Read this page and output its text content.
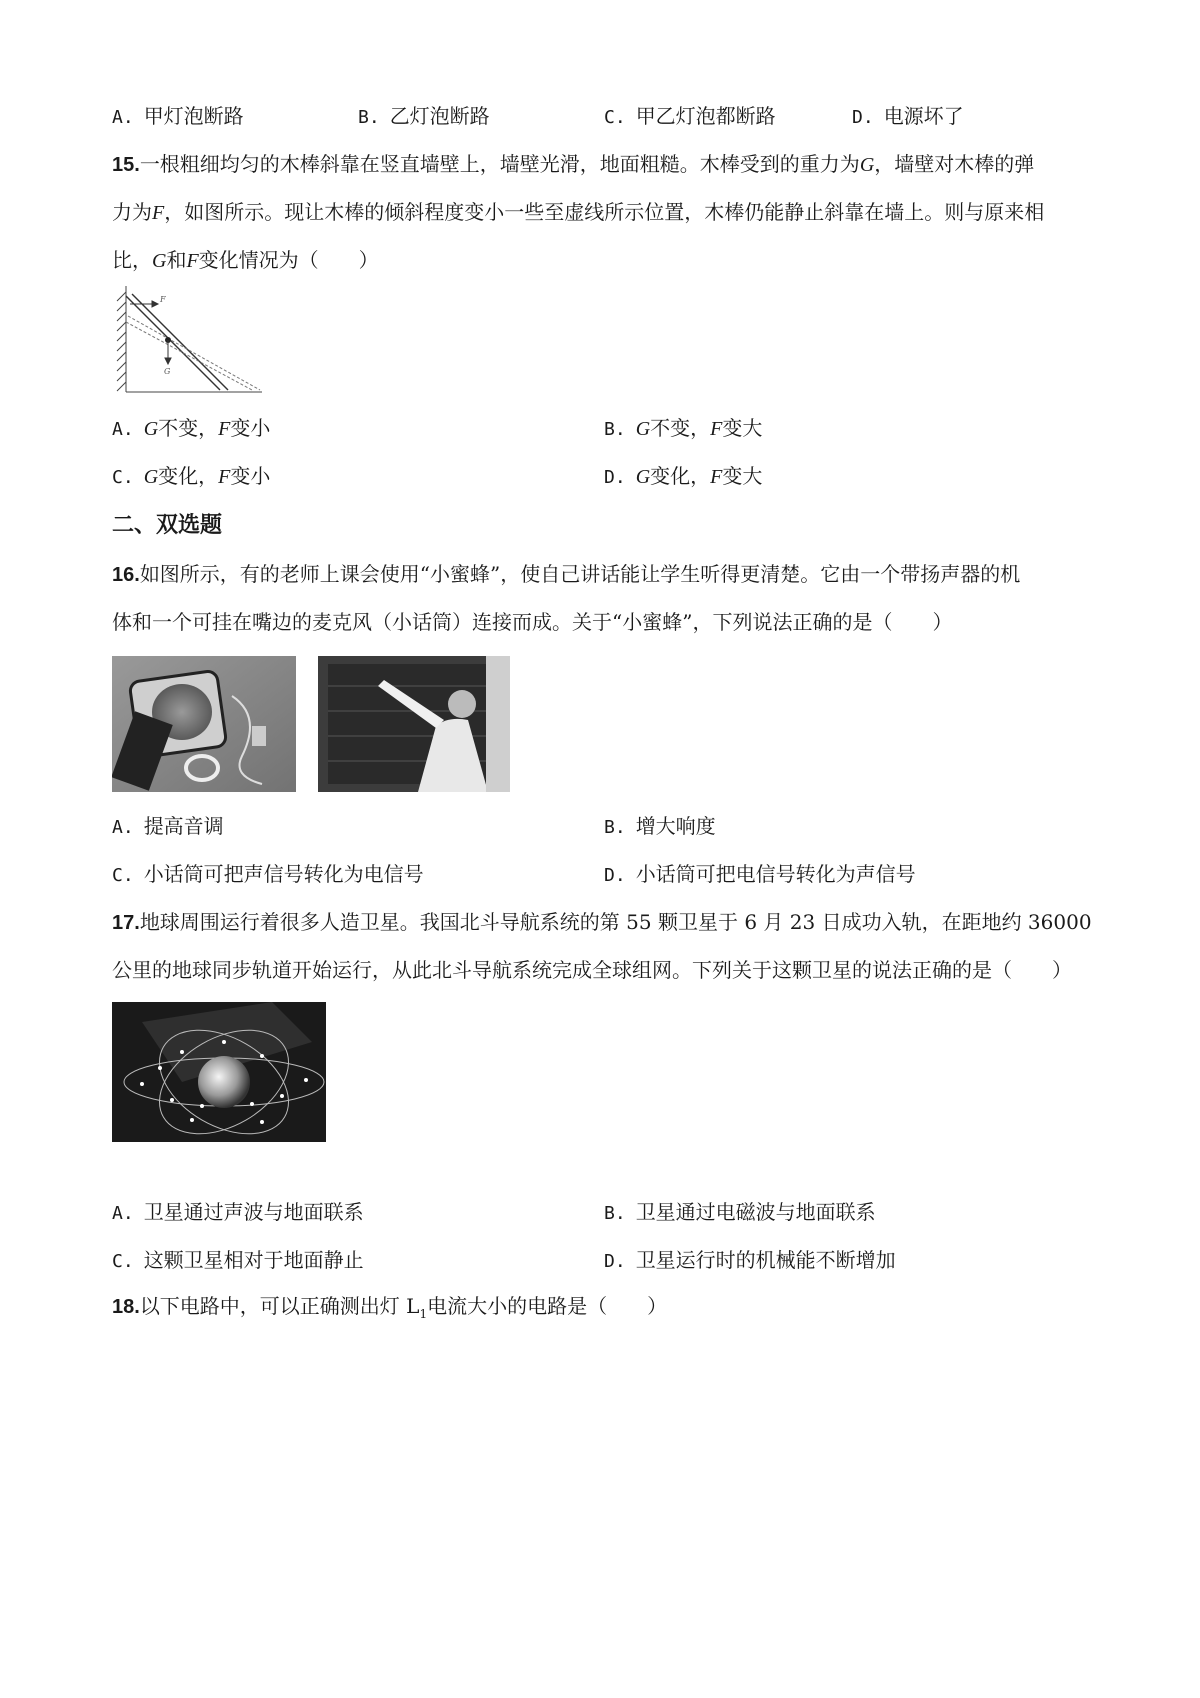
A. 甲灯泡断路	B. 乙灯泡断路	C. 甲乙灯泡都断路	D. 电源坏了
15.一根粗细均匀的木棒斜靠在竖直墙壁上，墙壁光滑，地面粗糙。木棒受到的重力为G，墙壁对木棒的弹
力为F，如图所示。现让木棒的倾斜程度变小一些至虚线所示位置，木棒仍能静止斜靠在墙上。则与原来相
比，G和F变化情况为（　　）
F
G
A. G不变，F变小	B. G不变，F变大
C. G变化，F变小	D. G变化，F变大
二、双选题
16.如图所示，有的老师上课会使用“小蜜蜂”，使自己讲话能让学生听得更清楚。它由一个带扬声器的机
体和一个可挂在嘴边的麦克风（小话筒）连接而成。关于“小蜜蜂”，下列说法正确的是（　　）
A. 提高音调	B. 增大响度
C. 小话筒可把声信号转化为电信号	D. 小话筒可把电信号转化为声信号
17.地球周围运行着很多人造卫星。我国北斗导航系统的第 55 颗卫星于 6 月 23 日成功入轨，在距地约 36000
公里的地球同步轨道开始运行，从此北斗导航系统完成全球组网。下列关于这颗卫星的说法正确的是（　　）
A. 卫星通过声波与地面联系	B. 卫星通过电磁波与地面联系
C. 这颗卫星相对于地面静止	D. 卫星运行时的机械能不断增加
18.以下电路中，可以正确测出灯 $L_1$电流大小的电路是（　　）
